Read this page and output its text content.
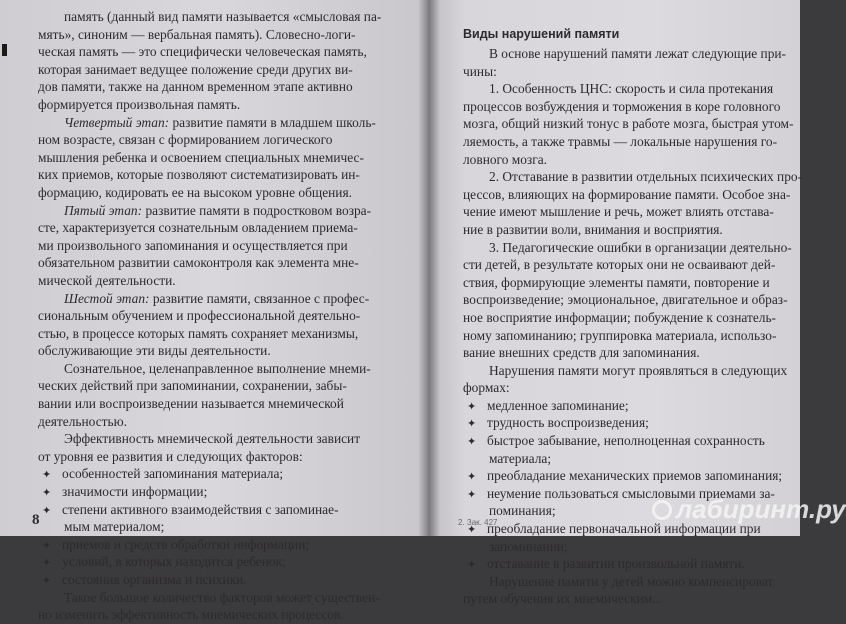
память (данный вид памяти называется «смысловая па-
мять», синоним — вербальная память). Словесно-логи-
ческая память — это специфически человеческая память,
которая занимает ведущее положение среди других ви-
дов памяти, также на данном временном этапе активно
формируется произвольная память.
Четвертый этап: развитие памяти в младшем школь-
ном возрасте, связан с формированием логического
мышления ребенка и освоением специальных мнемичес-
ких приемов, которые позволяют систематизировать ин-
формацию, кодировать ее на высоком уровне общения.
Пятый этап: развитие памяти в подростковом возра-
сте, характеризуется сознательным овладением приема-
ми произвольного запоминания и осуществляется при
обязательном развитии самоконтроля как элемента мне-
мической деятельности.
Шестой этап: развитие памяти, связанное с профес-
сиональным обучением и профессиональной деятельно-
стью, в процессе которых память сохраняет механизмы,
обслуживающие эти виды деятельности.
Сознательное, целенаправленное выполнение мнеми-
ческих действий при запоминании, сохранении, забы-
вании или воспроизведении называется мнемической
деятельностью.
Эффективность мнемической деятельности зависит
от уровня ее развития и следующих факторов:
✦ особенностей запоминания материала;
✦ значимости информации;
✦ степени активного взаимодействия с запоминае-
мым материалом;
✦ приемов и средств обработки информации;
✦ условий, в которых находится ребенок;
✦ состояния организма и психики.
Такое большое количество факторов может существен-
но изменить эффективность мнемических процессов.
8
Виды нарушений памяти
В основе нарушений памяти лежат следующие при-
чины:
1. Особенность ЦНС: скорость и сила протекания
процессов возбуждения и торможения в коре головного
мозга, общий низкий тонус в работе мозга, быстрая утом-
ляемость, а также травмы — локальные нарушения го-
ловного мозга.
2. Отставание в развитии отдельных психических про-
цессов, влияющих на формирование памяти. Особое зна-
чение имеют мышление и речь, может влиять отстава-
ние в развитии воли, внимания и восприятия.
3. Педагогические ошибки в организации деятельно-
сти детей, в результате которых они не осваивают дей-
ствия, формирующие элементы памяти, повторение и
воспроизведение; эмоциональное, двигательное и образ-
ное восприятие информации; побуждение к сознатель-
ному запоминанию; группировка материала, использо-
вание внешних средств для запоминания.
Нарушения памяти могут проявляться в следующих
формах:
✦ медленное запоминание;
✦ трудность воспроизведения;
✦ быстрое забывание, неполноценная сохранность
материала;
✦ преобладание механических приемов запоминания;
✦ неумение пользоваться смысловыми приемами за-
поминания;
✦ преобладание первоначальной информации при
запоминании;
✦ отставание в развитии произвольной памяти.
Нарушение памяти у детей можно компенсироват
путем обучения их мнемическим...
2. Зак. 427	лабиринт.ру
